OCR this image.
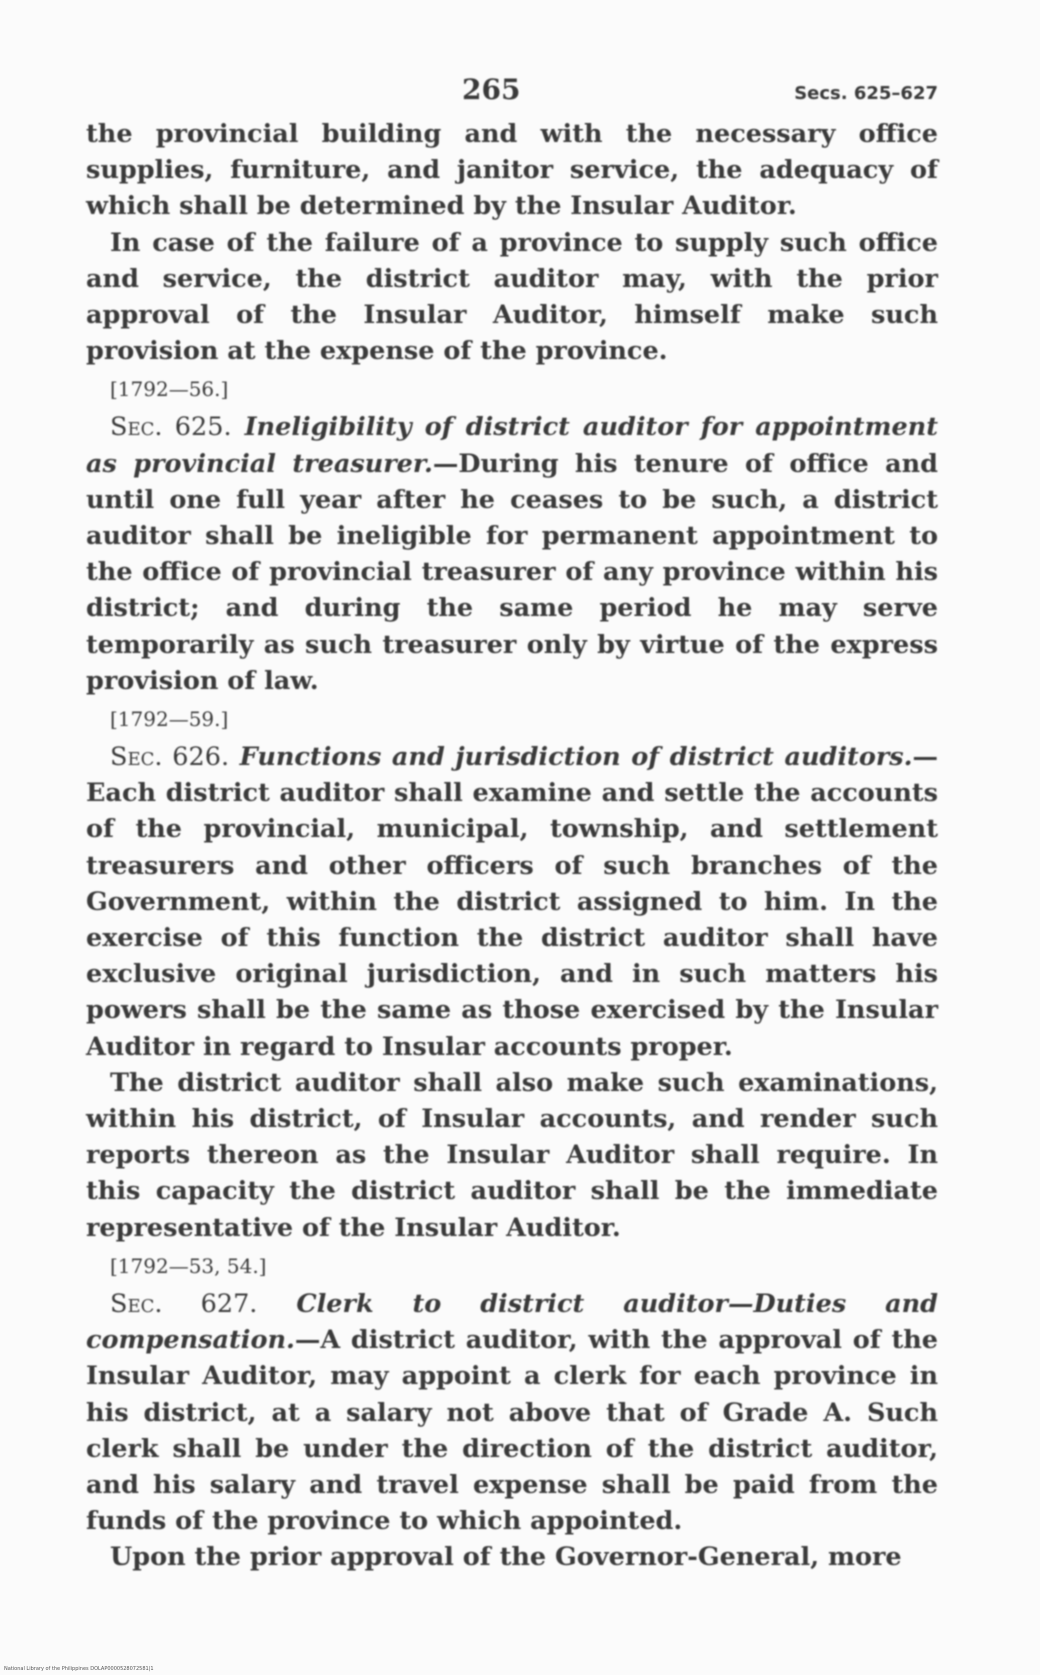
265	Secs. 625–627

the provincial building and with the necessary office supplies, furniture, and janitor service, the adequacy of which shall be determined by the Insular Auditor.

In case of the failure of a province to supply such office and service, the district auditor may, with the prior approval of the Insular Auditor, himself make such provision at the expense of the province.

[1792—56.]

Sec. 625. Ineligibility of district auditor for appointment as provincial treasurer.—During his tenure of office and until one full year after he ceases to be such, a district auditor shall be ineligible for permanent appointment to the office of provincial treasurer of any province within his district; and during the same period he may serve temporarily as such treasurer only by virtue of the express provision of law.

[1792—59.]

Sec. 626. Functions and jurisdiction of district auditors.—Each district auditor shall examine and settle the accounts of the provincial, municipal, township, and settlement treasurers and other officers of such branches of the Government, within the district assigned to him. In the exercise of this function the district auditor shall have exclusive original jurisdiction, and in such matters his powers shall be the same as those exercised by the Insular Auditor in regard to Insular accounts proper.

The district auditor shall also make such examinations, within his district, of Insular accounts, and render such reports thereon as the Insular Auditor shall require. In this capacity the district auditor shall be the immediate representative of the Insular Auditor.

[1792—53, 54.]

Sec. 627. Clerk to district auditor—Duties and compensation.—A district auditor, with the approval of the Insular Auditor, may appoint a clerk for each province in his district, at a salary not above that of Grade A. Such clerk shall be under the direction of the district auditor, and his salary and travel expense shall be paid from the funds of the province to which appointed.

Upon the prior approval of the Governor-General, more

National Library of the Philippines DOLAP0000528072581|1
